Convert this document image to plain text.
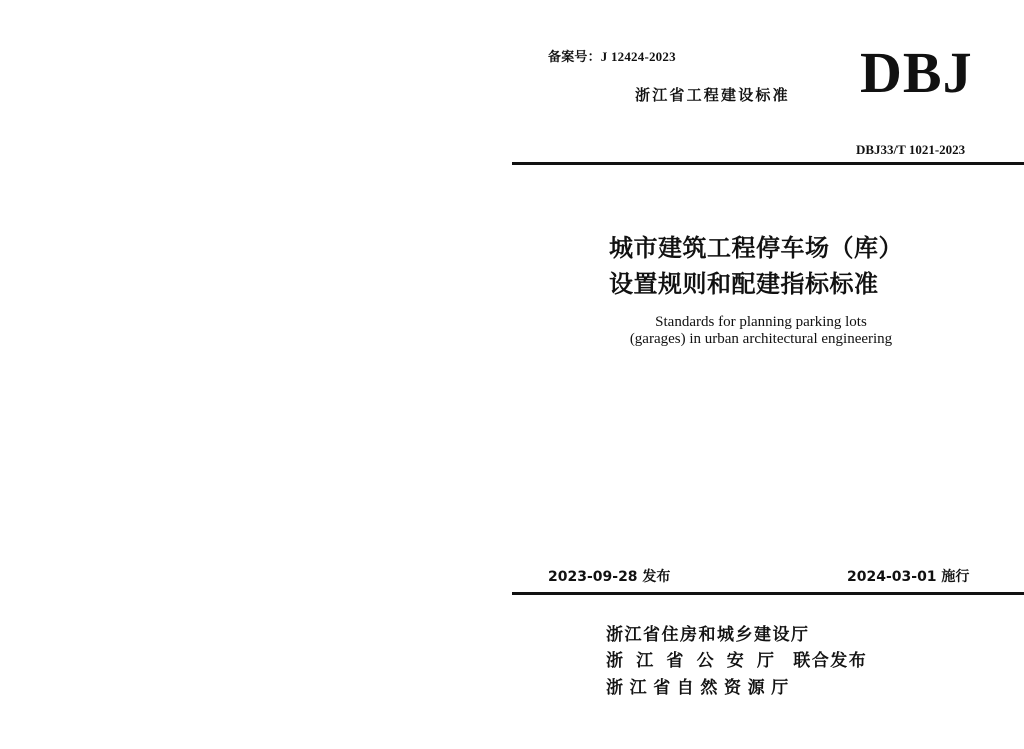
备案号：J 12424-2023
浙江省工程建设标准 DBJ
DBJ33/T 1021-2023
城市建筑工程停车场（库）
设置规则和配建指标标准
Standards for planning parking lots
(garages) in urban architectural engineering
2023-09-28 发布	2024-03-01 施行
浙江省住房和城乡建设厅
浙江省公安厅 联合发布
浙江省自然资源厅
